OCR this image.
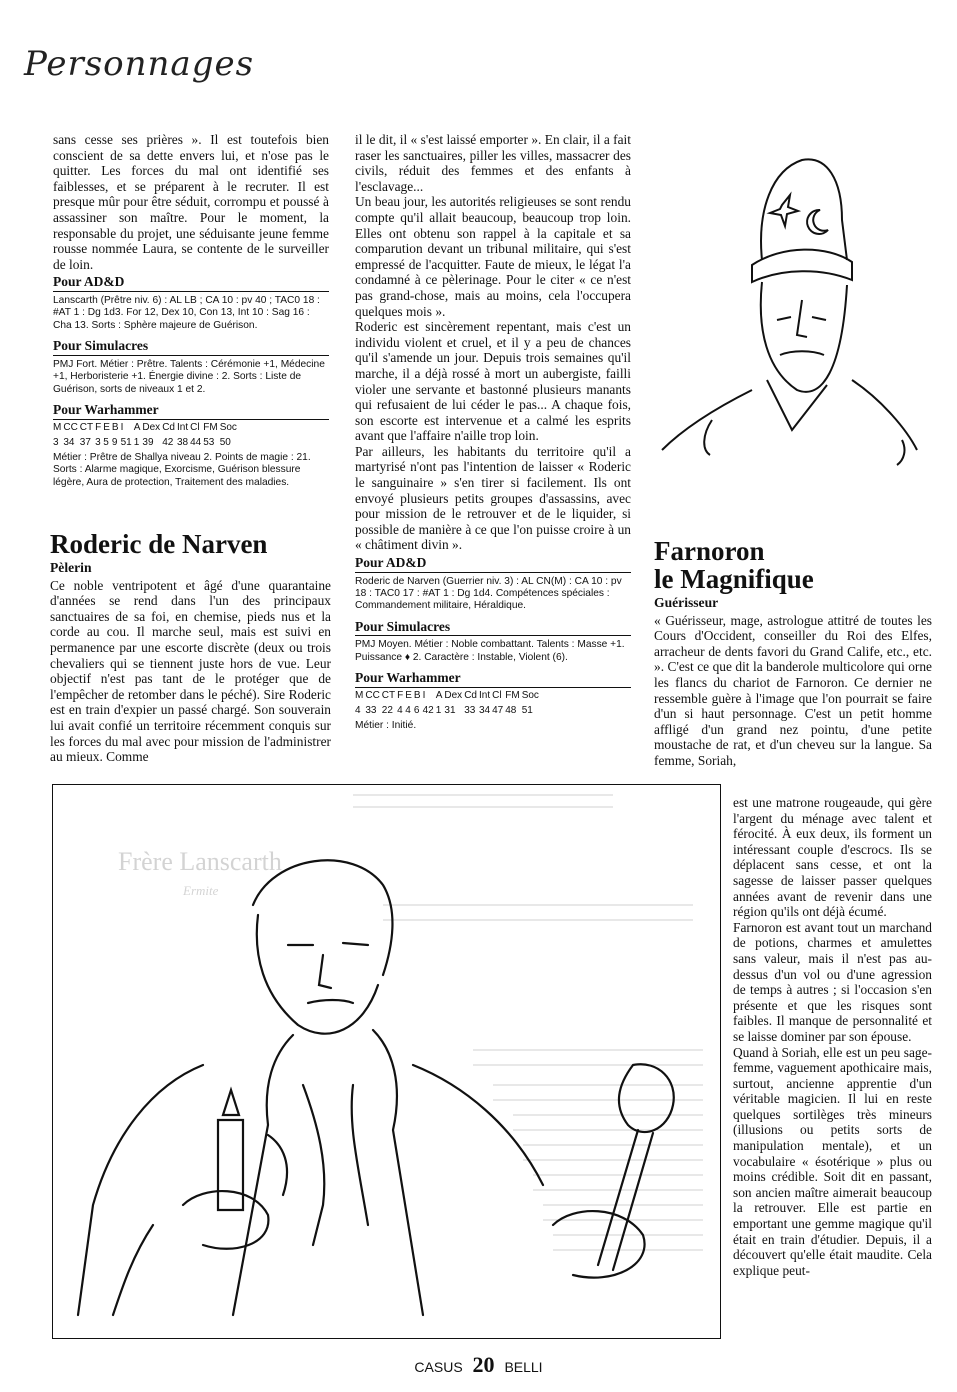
Personnages

sans cesse ses prières ». Il est toutefois bien conscient de sa dette envers lui, et n'ose pas le quitter. Les forces du mal ont identifié ses faiblesses, et se préparent à le recruter. Il est presque mûr pour être séduit, corrompu et poussé à assassiner son maître. Pour le moment, la responsable du projet, une séduisante jeune femme rousse nommée Laura, se contente de le surveiller de loin.

Pour AD&D
Lanscarth (Prêtre niv. 6) : AL LB ; CA 10 : pv 40 ; TAC0 18 : #AT 1 : Dg 1d3. For 12, Dex 10, Con 13, Int 10 : Sag 16 : Cha 13. Sorts : Sphère majeure de Guérison.
Pour Simulacres
PMJ Fort. Métier : Prêtre. Talents : Cérémonie +1, Médecine +1, Herboristerie +1. Énergie divine : 2. Sorts : Liste de Guérison, sorts de niveaux 1 et 2.
Pour Warhammer
M	CC	CT	F	E	B	I	A	Dex	Cd	Int	Cl	FM	Soc
3	34	37	3	5	9	51	1	39	42	38	44	53	50
Métier : Prêtre de Shallya niveau 2. Points de magie : 21. Sorts : Alarme magique, Exorcisme, Guérison blessure légère, Aura de protection, Traitement des maladies.
Roderic de Narven
Pèlerin

Ce noble ventripotent et âgé d'une quarantaine d'années se rend dans l'un des principaux sanctuaires de sa foi, en chemise, pieds nus et la corde au cou. Il marche seul, mais est suivi en permanence par une escorte discrète (deux ou trois chevaliers qui se tiennent juste hors de vue. Leur objectif n'est pas tant de le protéger que de l'empêcher de retomber dans le péché). Sire Roderic est en train d'expier un passé chargé. Son souverain lui avait confié un territoire récemment conquis sur les forces du mal avec pour mission de l'administrer au mieux. Comme

il le dit, il « s'est laissé emporter ». En clair, il a fait raser les sanctuaires, piller les villes, massacrer des civils, réduit des femmes et des enfants à l'esclavage...

Un beau jour, les autorités religieuses se sont rendu compte qu'il allait beaucoup, beaucoup trop loin. Elles ont obtenu son rappel à la capitale et sa comparution devant un tribunal militaire, qui s'est empressé de l'acquitter. Faute de mieux, le légat l'a condamné à ce pèlerinage. Pour le citer « ce n'est pas grand-chose, mais au moins, cela l'occupera quelques mois ».

Roderic est sincèrement repentant, mais c'est un individu violent et cruel, et il y a peu de chances qu'il s'amende un jour. Depuis trois semaines qu'il marche, il a déjà rossé à mort un aubergiste, failli violer une servante et bastonné plusieurs manants qui refusaient de lui céder le pas... A chaque fois, son escorte est intervenue et a calmé les esprits avant que l'affaire n'aille trop loin.

Par ailleurs, les habitants du territoire qu'il a martyrisé n'ont pas l'intention de laisser « Roderic le sanguinaire » s'en tirer si facilement. Ils ont envoyé plusieurs petits groupes d'assassins, avec pour mission de le retrouver et de le liquider, si possible de manière à ce que l'on puisse croire à un « châtiment divin ».

Pour AD&D
Roderic de Narven (Guerrier niv. 3) : AL CN(M) : CA 10 : pv 18 : TAC0 17 : #AT 1 : Dg 1d4. Compétences spéciales : Commandement militaire, Héraldique.
Pour Simulacres
PMJ Moyen. Métier : Noble combattant. Talents : Masse +1. Puissance ♦ 2. Caractère : Instable, Violent (6).
Pour Warhammer
M	CC	CT	F	E	B	I	A	Dex	Cd	Int	Cl	FM	Soc
4	33	22	4	4	6	42	1	31	33	34	47	48	51
Métier : Initié.
Farnoron
le Magnifique
Guérisseur

« Guérisseur, mage, astrologue attitré de toutes les Cours d'Occident, conseiller du Roi des Elfes, arracheur de dents favori du Grand Calife, etc., etc. ». C'est ce que dit la banderole multicolore qui orne les flancs du chariot de Farnoron. Ce dernier ne ressemble guère à l'image que l'on pourrait se faire d'un si haut personnage. C'est un petit homme affligé d'un grand nez pointu, d'une petite moustache de rat, et d'un cheveu sur la langue. Sa femme, Soriah,

est une matrone rougeaude, qui gère l'argent du ménage avec talent et férocité. À eux deux, ils forment un intéressant couple d'escrocs. Ils se déplacent sans cesse, et ont la sagesse de laisser passer quelques années avant de revenir dans une région qu'ils ont déjà écumé.

Farnoron est avant tout un marchand de potions, charmes et amulettes sans valeur, mais il n'est pas au-dessus d'un vol ou d'une agression de temps à autres ; si l'occasion s'en présente et que les risques sont faibles. Il manque de personnalité et se laisse dominer par son épouse.

Quand à Soriah, elle est un peu sage-femme, vaguement apothicaire mais, surtout, ancienne apprentie d'un véritable magicien. Il lui en reste quelques sortilèges très mineurs (illusions ou petits sorts de manipulation mentale), et un vocabulaire « ésotérique » plus ou moins crédible. Soit dit en passant, son ancien maître aimerait beaucoup la retrouver. Elle est partie en emportant une gemme magique qu'il était en train d'étudier. Depuis, il a découvert qu'elle était maudite. Cela explique peut-

Frère Lanscarth
Ermite
CASUS 20 BELLI
